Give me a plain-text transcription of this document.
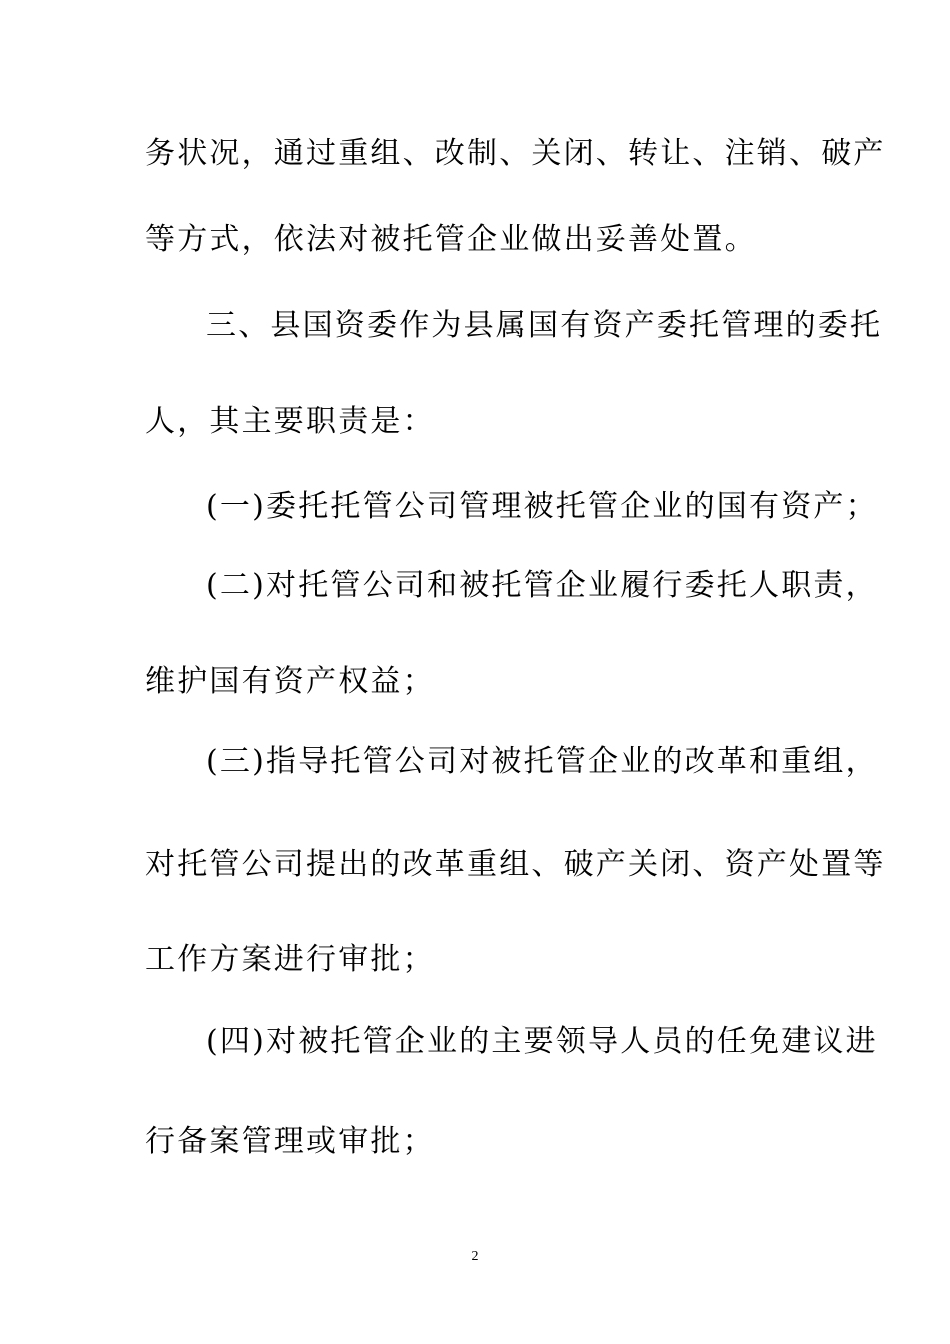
务状况，通过重组、改制、关闭、转让、注销、破产
等方式，依法对被托管企业做出妥善处置。
三、县国资委作为县属国有资产委托管理的委托
人，其主要职责是：
(一)委托托管公司管理被托管企业的国有资产；
(二)对托管公司和被托管企业履行委托人职责，
维护国有资产权益；
(三)指导托管公司对被托管企业的改革和重组，
对托管公司提出的改革重组、破产关闭、资产处置等
工作方案进行审批；
(四)对被托管企业的主要领导人员的任免建议进
行备案管理或审批；
2
